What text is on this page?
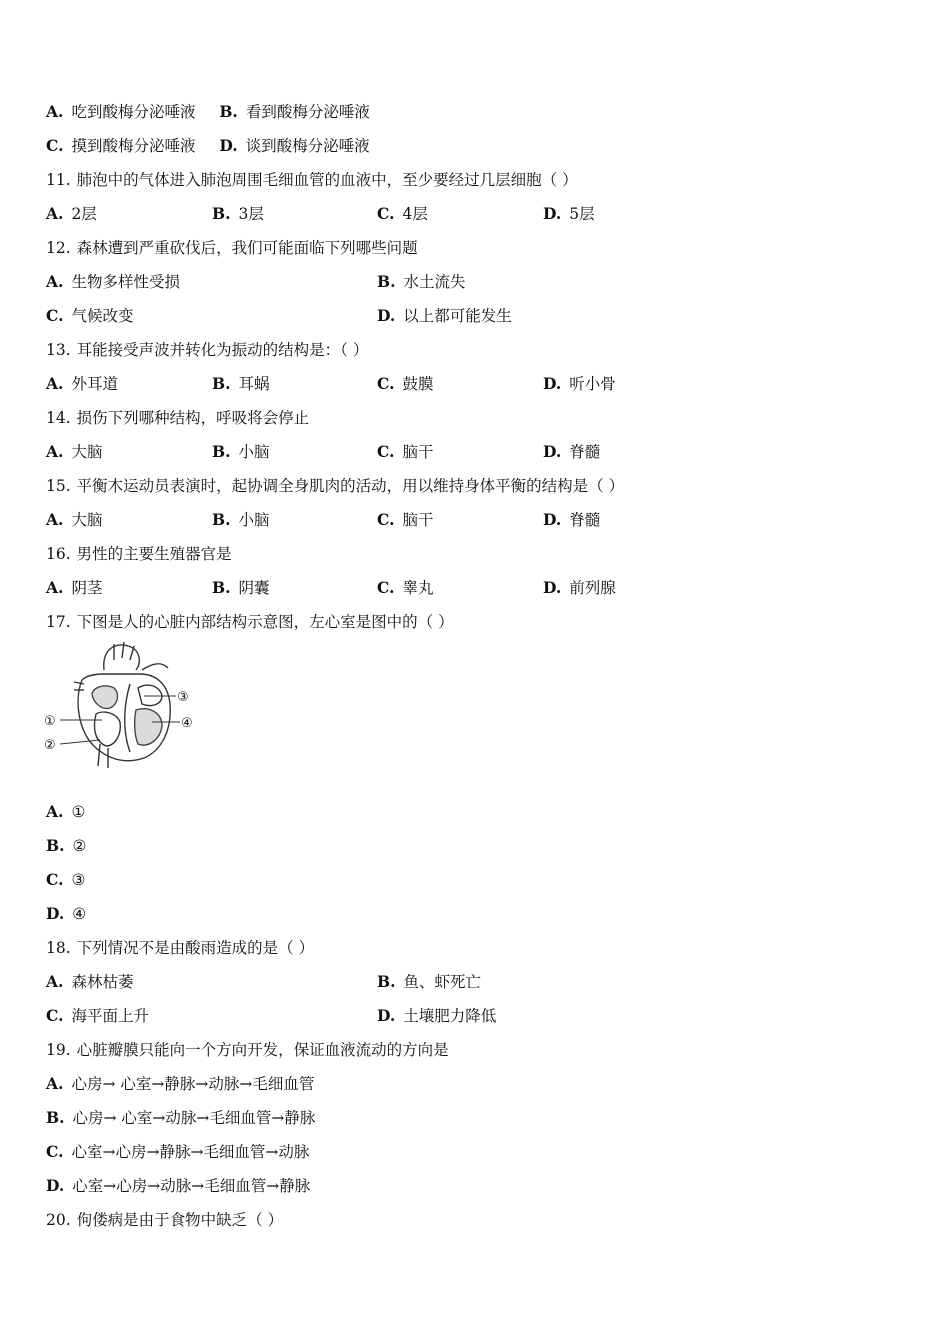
A. 吃到酸梅分泌唾液 B. 看到酸梅分泌唾液
C. 摸到酸梅分泌唾液 D. 谈到酸梅分泌唾液
11. 肺泡中的气体进入肺泡周围毛细血管的血液中，至少要经过几层细胞（ ）
A. 2层	B. 3层	C. 4层	D. 5层
12. 森林遭到严重砍伐后，我们可能面临下列哪些问题
A. 生物多样性受损	B. 水土流失
C. 气候改变	D. 以上都可能发生
13. 耳能接受声波并转化为振动的结构是：（ ）
A. 外耳道	B. 耳蜗	C. 鼓膜	D. 听小骨
14. 损伤下列哪种结构，呼吸将会停止
A. 大脑	B. 小脑	C. 脑干	D. 脊髓
15. 平衡木运动员表演时，起协调全身肌肉的活动，用以维持身体平衡的结构是（ ）
A. 大脑	B. 小脑	C. 脑干	D. 脊髓
16. 男性的主要生殖器官是
A. 阴茎	B. 阴囊	C. 睾丸	D. 前列腺
17. 下图是人的心脏内部结构示意图，左心室是图中的（ ）
①
②
③
④
A. ①
B. ②
C. ③
D. ④
18. 下列情况不是由酸雨造成的是（ ）
A. 森林枯萎	B. 鱼、虾死亡
C. 海平面上升	D. 土壤肥力降低
19. 心脏瓣膜只能向一个方向开发，保证血液流动的方向是
A. 心房→ 心室→静脉→动脉→毛细血管
B. 心房→ 心室→动脉→毛细血管→静脉
C. 心室→心房→静脉→毛细血管→动脉
D. 心室→心房→动脉→毛细血管→静脉
20. 佝偻病是由于食物中缺乏（ ）
